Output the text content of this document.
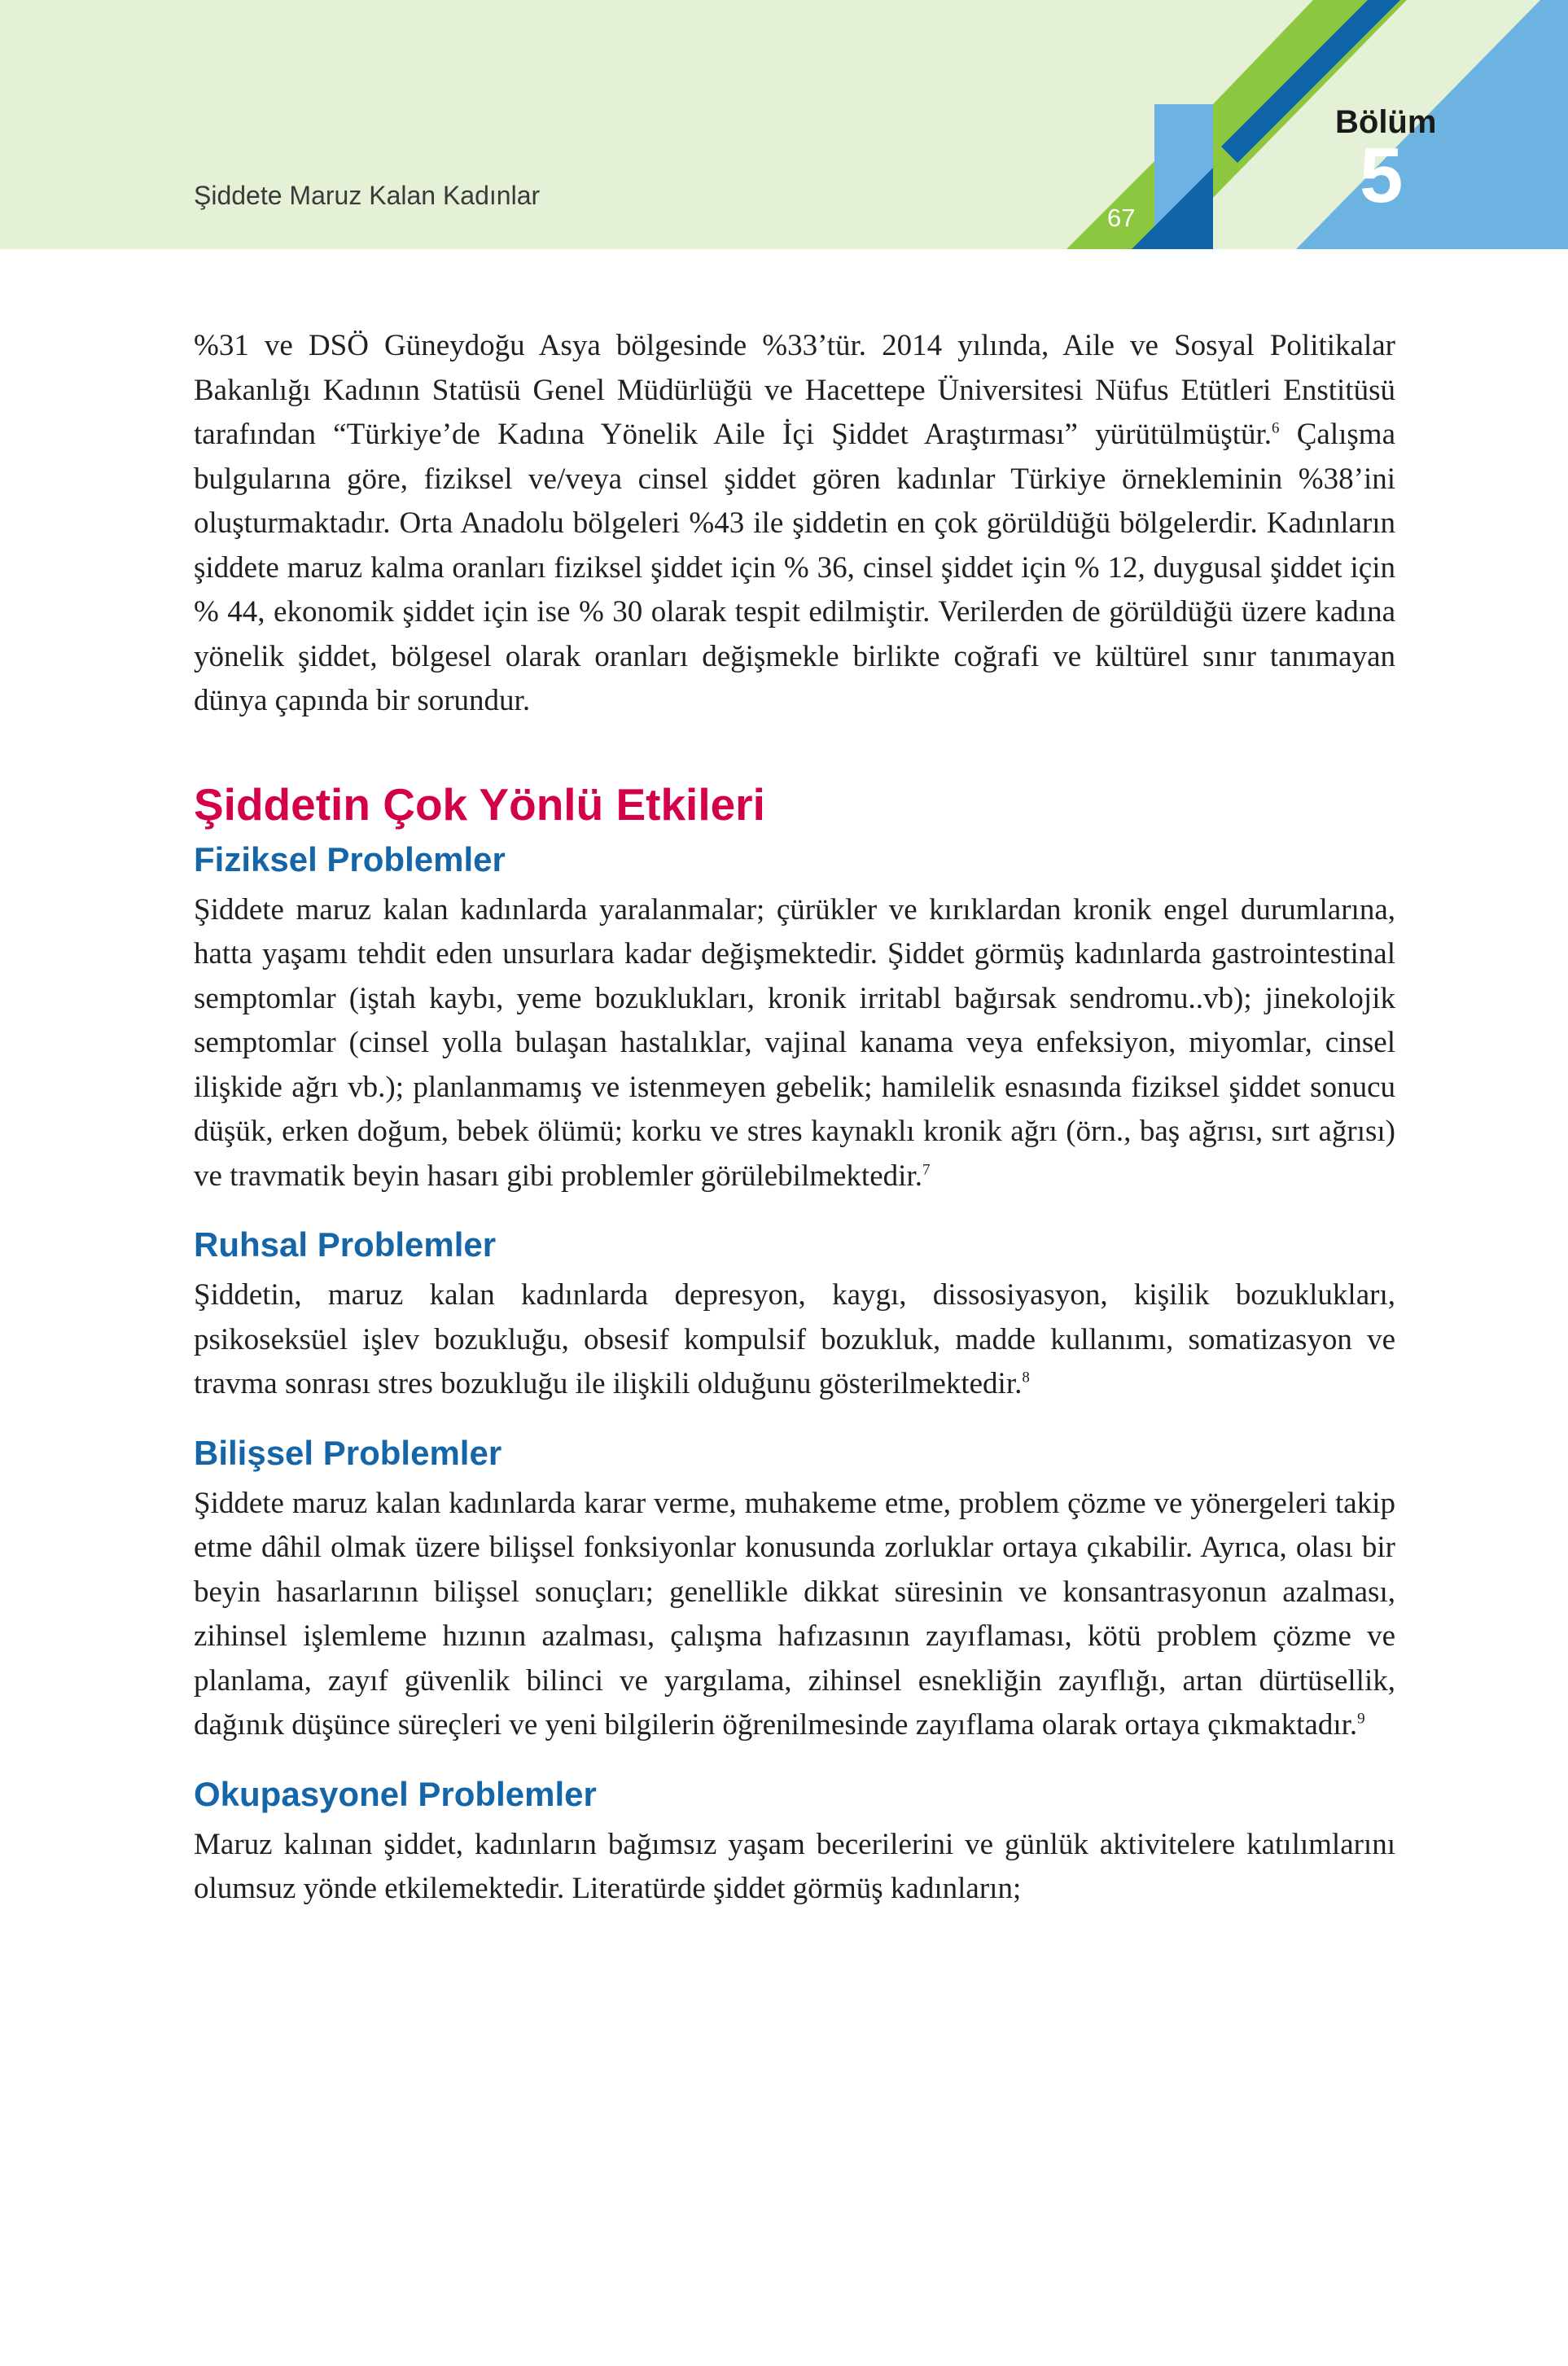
Şiddete Maruz Kalan Kadınlar
67
Bölüm
5

%31 ve DSÖ Güneydoğu Asya bölgesinde %33’tür. 2014 yılında, Aile ve Sosyal Politikalar Bakanlığı Kadının Statüsü Genel Müdürlüğü ve Hacettepe Üniversitesi Nüfus Etütleri Enstitüsü tarafından “Türkiye’de Kadına Yönelik Aile İçi Şiddet Araştırması” yürütülmüştür.$^6$ Çalışma bulgularına göre, fiziksel ve/veya cinsel şiddet gören kadınlar Türkiye örnekleminin %38’ini oluşturmaktadır. Orta Anadolu bölgeleri %43 ile şiddetin en çok görüldüğü bölgelerdir. Kadınların şiddete maruz kalma oranları fiziksel şiddet için % 36, cinsel şiddet için % 12, duygusal şiddet için % 44, ekonomik şiddet için ise % 30 olarak tespit edilmiştir. Verilerden de görüldüğü üzere kadına yönelik şiddet, bölgesel olarak oranları değişmekle birlikte coğrafi ve kültürel sınır tanımayan dünya çapında bir sorundur.

Şiddetin Çok Yönlü Etkileri
Fiziksel Problemler

Şiddete maruz kalan kadınlarda yaralanmalar; çürükler ve kırıklardan kronik engel durumlarına, hatta yaşamı tehdit eden unsurlara kadar değişmektedir. Şiddet görmüş kadınlarda gastrointestinal semptomlar (iştah kaybı, yeme bozuklukları, kronik irritabl bağırsak sendromu..vb); jinekolojik semptomlar (cinsel yolla bulaşan hastalıklar, vajinal kanama veya enfeksiyon, miyomlar, cinsel ilişkide ağrı vb.); planlanmamış ve istenmeyen gebelik; hamilelik esnasında fiziksel şiddet sonucu düşük, erken doğum, bebek ölümü; korku ve stres kaynaklı kronik ağrı (örn., baş ağrısı, sırt ağrısı) ve travmatik beyin hasarı gibi problemler görülebilmektedir.$^7$

Ruhsal Problemler

Şiddetin, maruz kalan kadınlarda depresyon, kaygı, dissosiyasyon, kişilik bozuklukları, psikoseksüel işlev bozukluğu, obsesif kompulsif bozukluk, madde kullanımı, somatizasyon ve travma sonrası stres bozukluğu ile ilişkili olduğunu gösterilmektedir.$^8$

Bilişsel Problemler

Şiddete maruz kalan kadınlarda karar verme, muhakeme etme, problem çözme ve yönergeleri takip etme dâhil olmak üzere bilişsel fonksiyonlar konusunda zorluklar ortaya çıkabilir. Ayrıca, olası bir beyin hasarlarının bilişsel sonuçları; genellikle dikkat süresinin ve konsantrasyonun azalması, zihinsel işlemleme hızının azalması, çalışma hafızasının zayıflaması, kötü problem çözme ve planlama, zayıf güvenlik bilinci ve yargılama, zihinsel esnekliğin zayıflığı, artan dürtüsellik, dağınık düşünce süreçleri ve yeni bilgilerin öğrenilmesinde zayıflama olarak ortaya çıkmaktadır.$^9$

Okupasyonel Problemler

Maruz kalınan şiddet, kadınların bağımsız yaşam becerilerini ve günlük aktivitelere katılımlarını olumsuz yönde etkilemektedir. Literatürde şiddet görmüş kadınların;
